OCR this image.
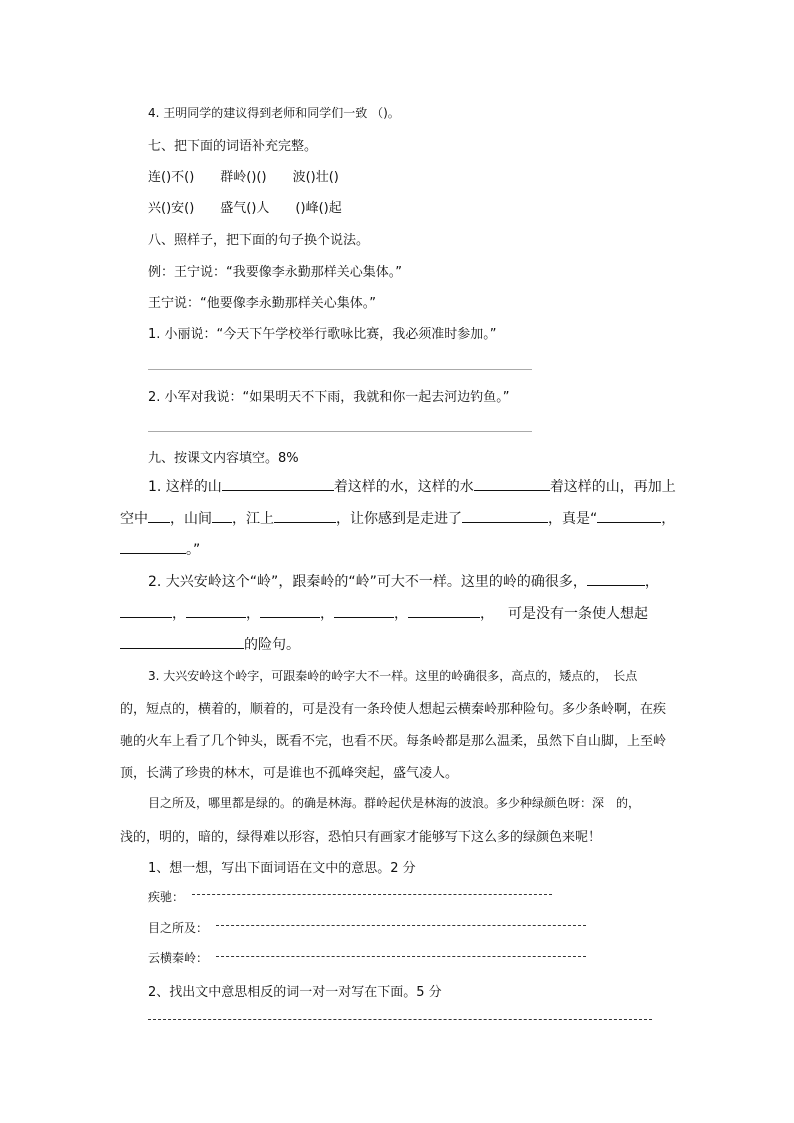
4. 王明同学的建议得到老师和同学们一致 （)。
七、把下面的词语补充完整。
连()不()　　群岭()()　　波()壮()
兴()安()　　盛气()人　　()峰()起
八、照样子，把下面的句子换个说法。
例：王宁说：“我要像李永勤那样关心集体。”
王宁说：“他要像李永勤那样关心集体。”
1. 小丽说：“今天下午学校举行歌咏比赛，我必须准时参加。”
2. 小军对我说：“如果明天不下雨，我就和你一起去河边钓鱼。”
九、按课文内容填空。8%
1. 这样的山	着这样的水，这样的水	着这样的山，再加上
空中 ，山间 ，江上	，让你感到是走进了	，真是“	，
。”
2. 大兴安岭这个“岭”，跟秦岭的“岭”可大不一样。这里的岭的确很多，	，
，	，	，	，	， 可是没有一条使人想起
的险句。
3. 大兴安岭这个岭字，可跟秦岭的岭字大不一样。这里的岭确很多，高点的，矮点的，　长点
的，短点的，横着的，顺着的，可是没有一条玲使人想起云横秦岭那种险句。多少条岭啊，在疾
驰的火车上看了几个钟头，既看不完，也看不厌。每条岭都是那么温柔，虽然下自山脚，上至岭
顶，长满了珍贵的林木，可是谁也不孤峰突起，盛气凌人。
目之所及，哪里都是绿的。的确是林海。群岭起伏是林海的波浪。多少种绿颜色呀：深　的，
浅的，明的，暗的，绿得难以形容，恐怕只有画家才能够写下这么多的绿颜色来呢！
1、想一想，写出下面词语在文中的意思。2 分
疾驰：
目之所及：
云横秦岭：
2、找出文中意思相反的词一对一对写在下面。5 分
